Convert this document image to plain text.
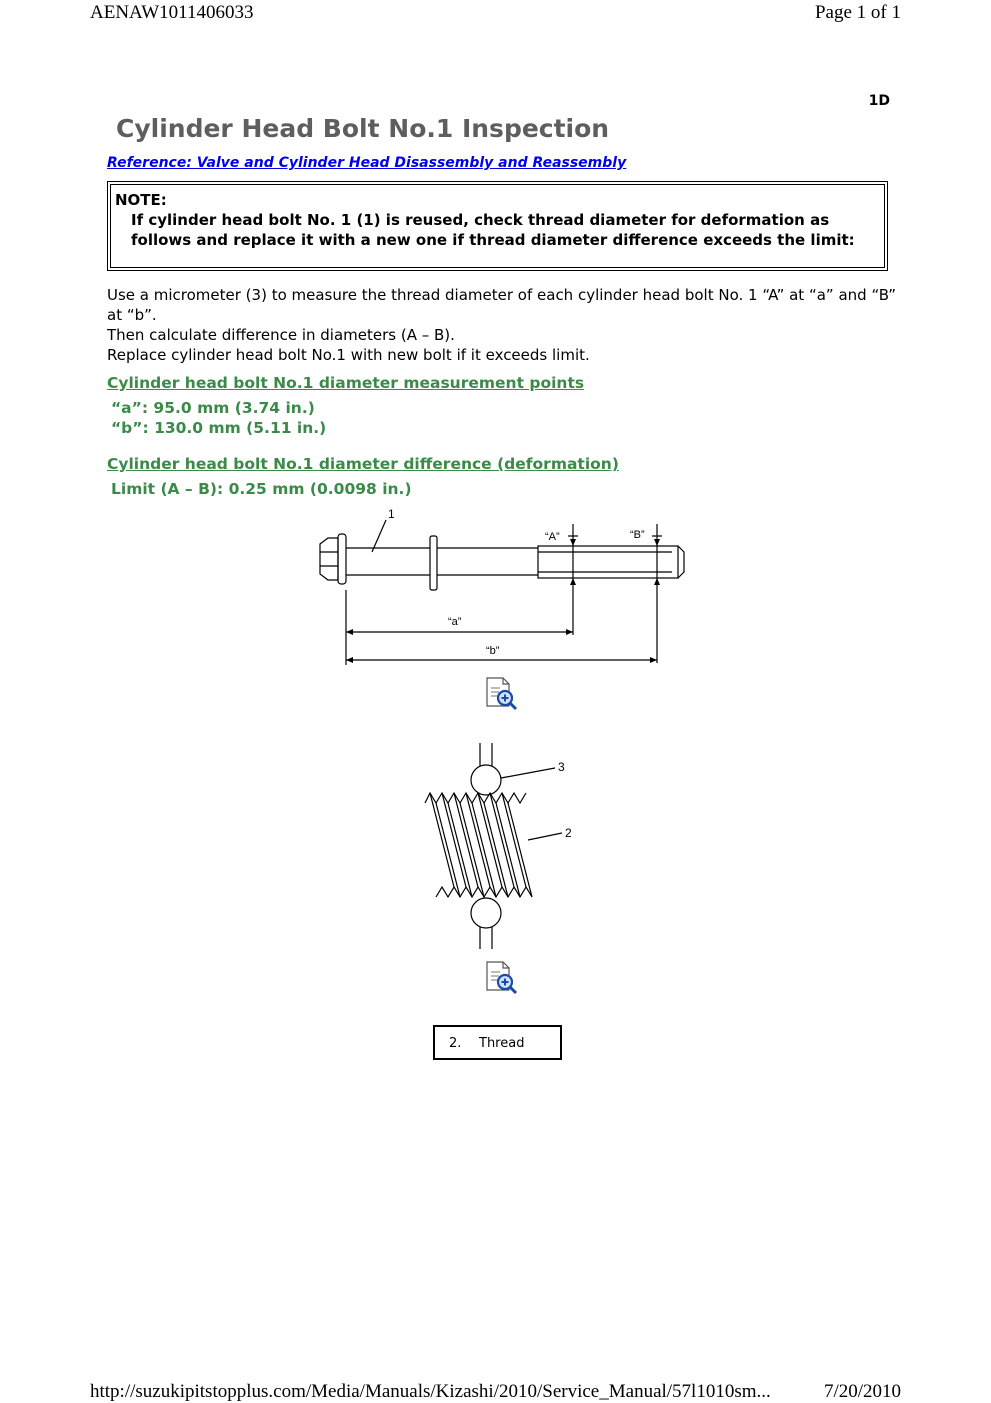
AENAW1011406033	Page 1 of 1
1D
Cylinder Head Bolt No.1 Inspection
Reference: Valve and Cylinder Head Disassembly and Reassembly
NOTE:
If cylinder head bolt No. 1 (1) is reused, check thread diameter for deformation as follows and replace it with a new one if thread diameter difference exceeds the limit:

Use a micrometer (3) to measure the thread diameter of each cylinder head bolt No. 1 “A” at “a” and “B” at “b”.

Then calculate difference in diameters (A – B).

Replace cylinder head bolt No.1 with new bolt if it exceeds limit.

Cylinder head bolt No.1 diameter measurement points
“a”: 95.0 mm (3.74 in.)
“b”: 130.0 mm (5.11 in.)
Cylinder head bolt No.1 diameter difference (deformation)
Limit (A – B): 0.25 mm (0.0098 in.)
1
“A”	“B”
“a”
“b”
3
2
2. Thread
http://suzukipitstopplus.com/Media/Manuals/Kizashi/2010/Service_Manual/57l1010sm...	7/20/2010
